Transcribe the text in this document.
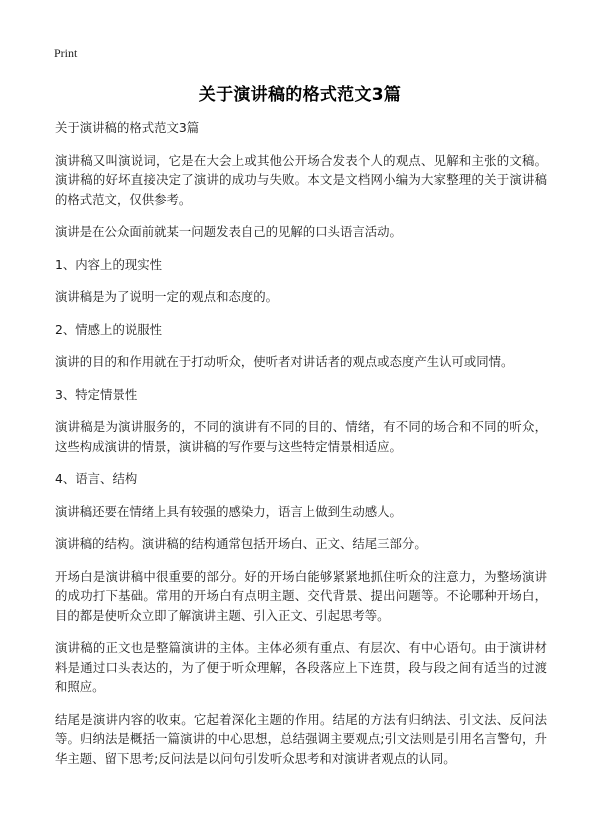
Print
关于演讲稿的格式范文3篇

关于演讲稿的格式范文3篇

演讲稿又叫演说词，它是在大会上或其他公开场合发表个人的观点、见解和主张的文稿。演讲稿的好坏直接决定了演讲的成功与失败。本文是文档网小编为大家整理的关于演讲稿的格式范文，仅供参考。

演讲是在公众面前就某一问题发表自己的见解的口头语言活动。

1、内容上的现实性

演讲稿是为了说明一定的观点和态度的。

2、情感上的说服性

演讲的目的和作用就在于打动听众，使听者对讲话者的观点或态度产生认可或同情。

3、特定情景性

演讲稿是为演讲服务的，不同的演讲有不同的目的、情绪，有不同的场合和不同的听众，这些构成演讲的情景，演讲稿的写作要与这些特定情景相适应。

4、语言、结构

演讲稿还要在情绪上具有较强的感染力，语言上做到生动感人。

演讲稿的结构。演讲稿的结构通常包括开场白、正文、结尾三部分。

开场白是演讲稿中很重要的部分。好的开场白能够紧紧地抓住听众的注意力，为整场演讲的成功打下基础。常用的开场白有点明主题、交代背景、提出问题等。不论哪种开场白，目的都是使听众立即了解演讲主题、引入正文、引起思考等。

演讲稿的正文也是整篇演讲的主体。主体必须有重点、有层次、有中心语句。由于演讲材料是通过口头表达的，为了便于听众理解，各段落应上下连贯，段与段之间有适当的过渡和照应。

结尾是演讲内容的收束。它起着深化主题的作用。结尾的方法有归纳法、引文法、反问法等。归纳法是概括一篇演讲的中心思想，总结强调主要观点;引文法则是引用名言警句，升华主题、留下思考;反问法是以问句引发听众思考和对演讲者观点的认同。
